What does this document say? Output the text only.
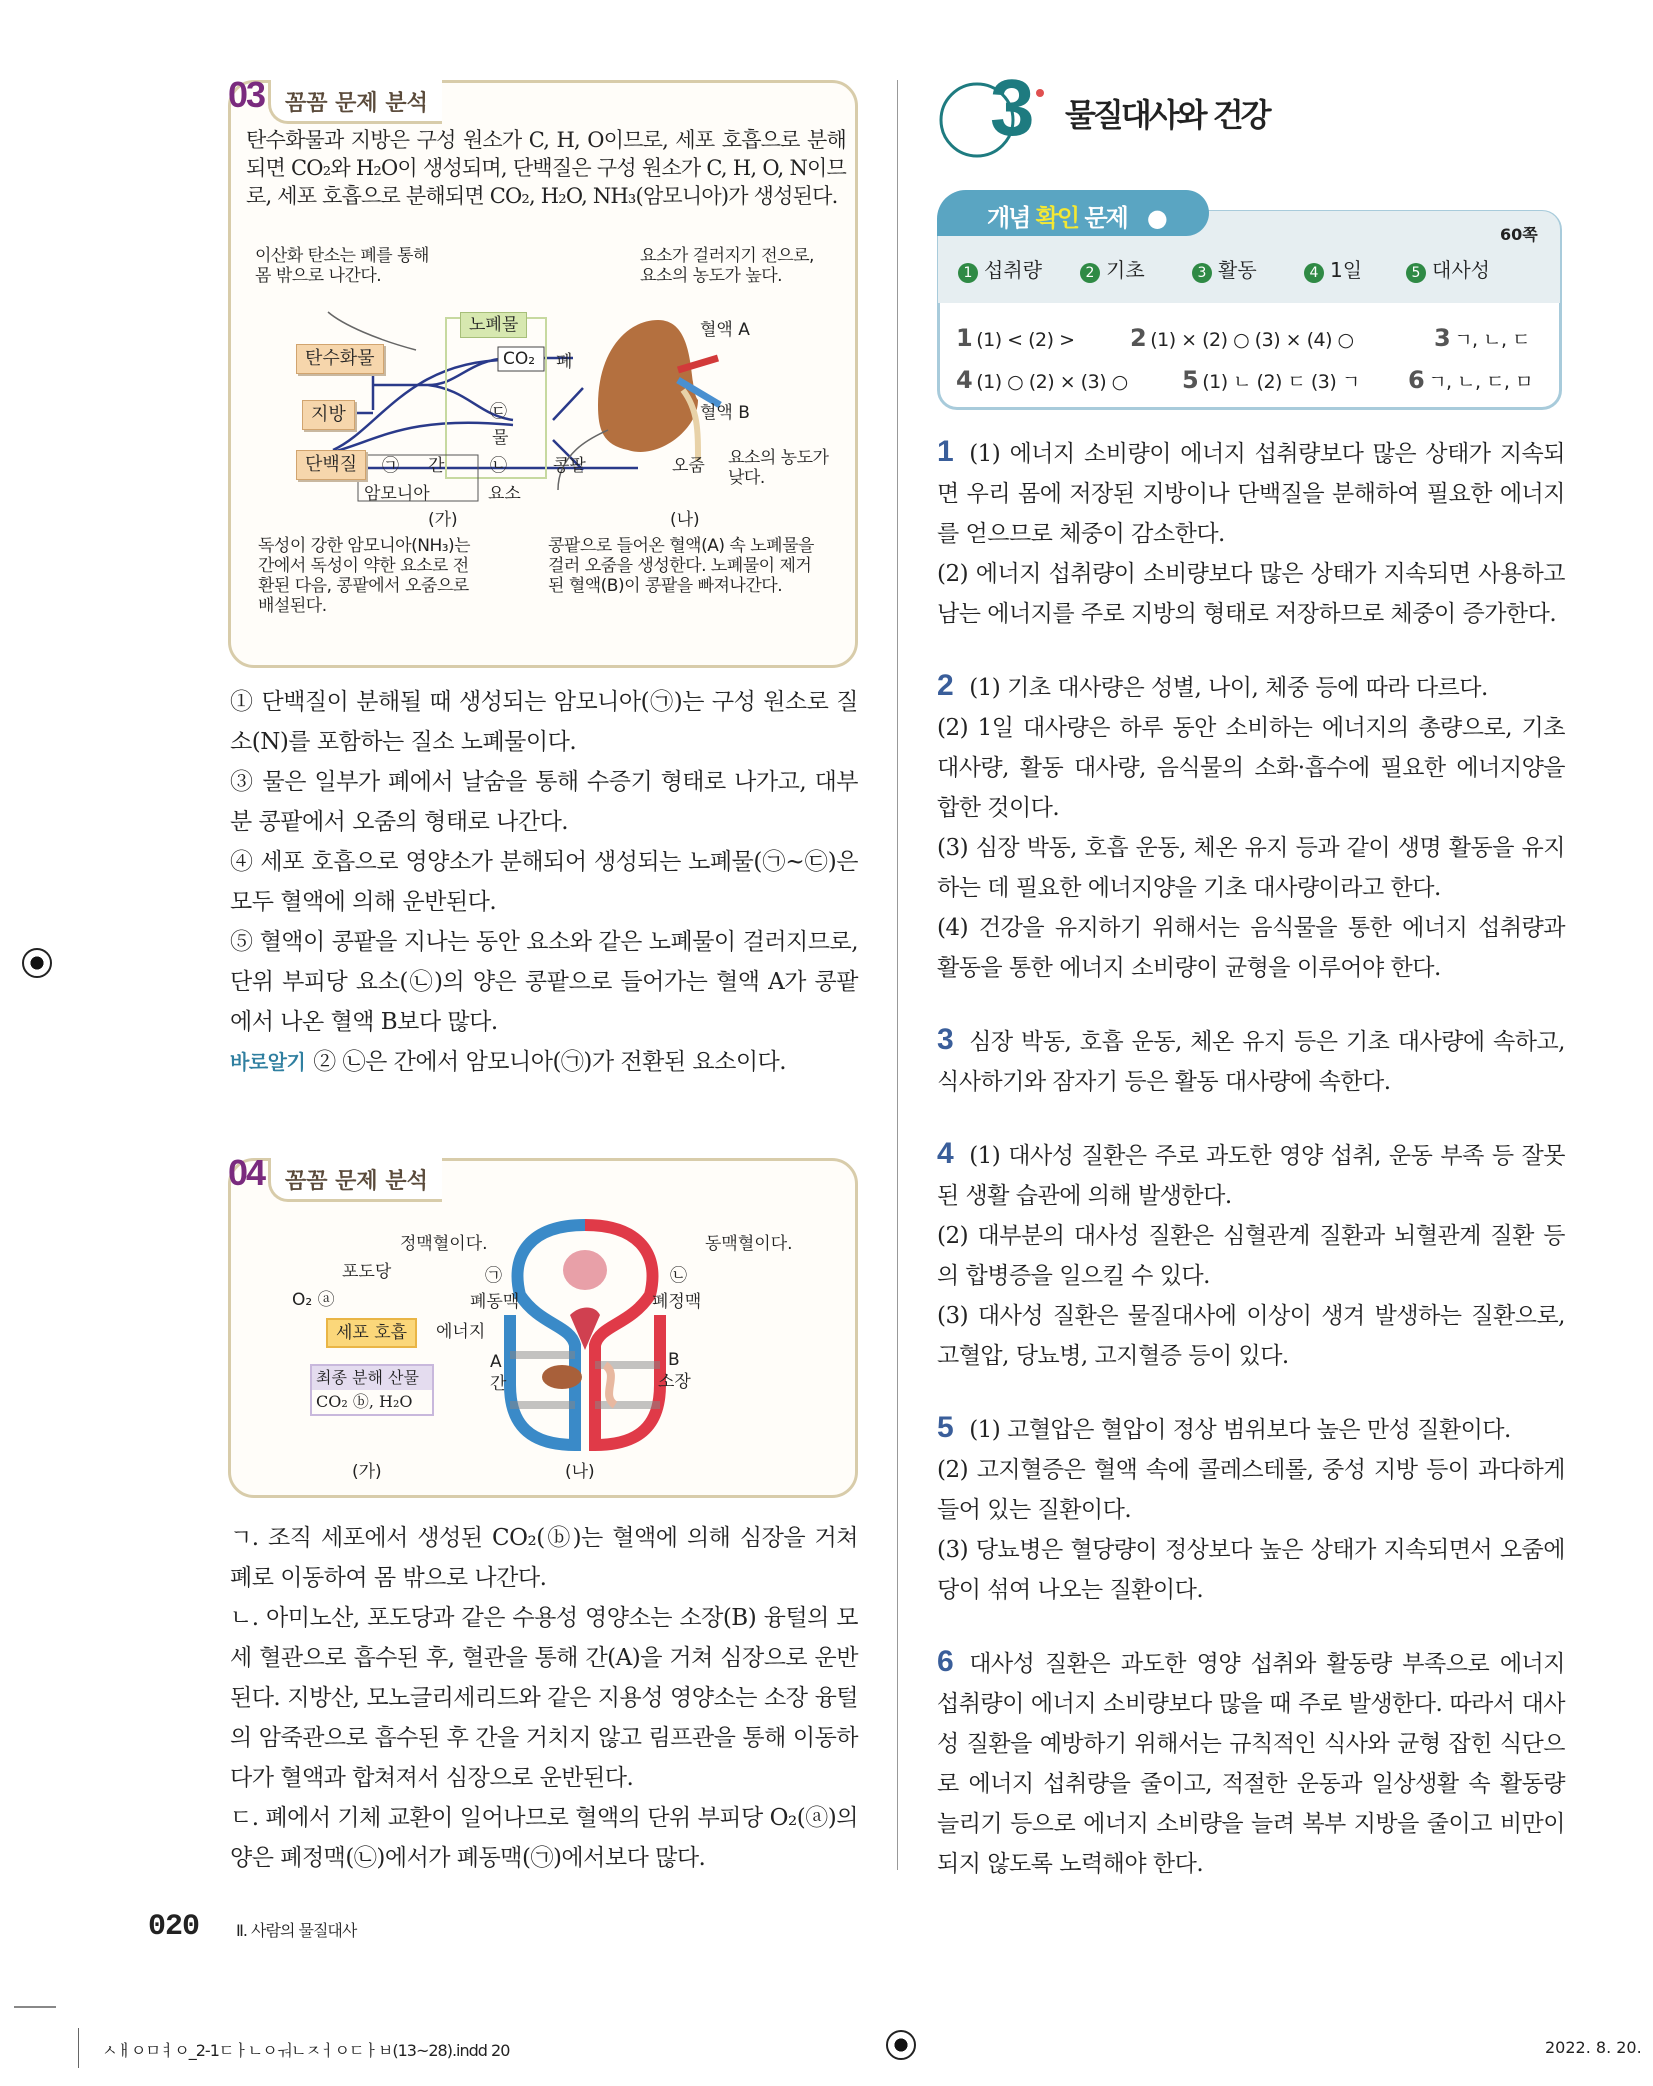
03 꼼꼼 문제 분석
탄수화물과 지방은 구성 원소가 C, H, O이므로, 세포 호흡으로 분해되면 CO₂와 H₂O이 생성되며, 단백질은 구성 원소가 C, H, O, N이므로, 세포 호흡으로 분해되면 CO₂, H₂O, NH₃(암모니아)가 생성된다.
이산화 탄소는 폐를 통해
몸 밖으로 나간다.
요소가 걸러지기 전으로,
요소의 농도가 높다.
노폐물
탄수화물
지방
단백질
CO₂ 폐
㉢
물
㉠ 간	㉡	콩팥
암모니아	요소
(가)
혈액 A
혈액 B
오줌 요소의 농도가
낮다.
(나)
독성이 강한 암모니아(NH₃)는
간에서 독성이 약한 요소로 전
환된 다음, 콩팥에서 오줌으로
배설된다.
콩팥으로 들어온 혈액(A) 속 노폐물을
걸러 오줌을 생성한다. 노폐물이 제거
된 혈액(B)이 콩팥을 빠져나간다.
① 단백질이 분해될 때 생성되는 암모니아(㉠)는 구성 원소로 질소(N)를 포함하는 질소 노폐물이다.
③ 물은 일부가 폐에서 날숨을 통해 수증기 형태로 나가고, 대부분 콩팥에서 오줌의 형태로 나간다.
④ 세포 호흡으로 영양소가 분해되어 생성되는 노폐물(㉠~㉢)은 모두 혈액에 의해 운반된다.
⑤ 혈액이 콩팥을 지나는 동안 요소와 같은 노폐물이 걸러지므로, 단위 부피당 요소(㉡)의 양은 콩팥으로 들어가는 혈액 A가 콩팥에서 나온 혈액 B보다 많다.
바로알기 ② ㉡은 간에서 암모니아(㉠)가 전환된 요소이다.
04 꼼꼼 문제 분석
포도당
O₂ ⓐ
세포 호흡	에너지
최종 분해 산물
CO₂ ⓑ, H₂O
(가)
정맥혈이다.	동맥혈이다.
㉠
폐동맥
㉡
폐정맥
A
간
B
소장
(나)
ㄱ. 조직 세포에서 생성된 CO₂(ⓑ)는 혈액에 의해 심장을 거쳐 폐로 이동하여 몸 밖으로 나간다.
ㄴ. 아미노산, 포도당과 같은 수용성 영양소는 소장(B) 융털의 모세 혈관으로 흡수된 후, 혈관을 통해 간(A)을 거쳐 심장으로 운반된다. 지방산, 모노글리세리드와 같은 지용성 영양소는 소장 융털의 암죽관으로 흡수된 후 간을 거치지 않고 림프관을 통해 이동하다가 혈액과 합쳐져서 심장으로 운반된다.
ㄷ. 폐에서 기체 교환이 일어나므로 혈액의 단위 부피당 O₂(ⓐ)의 양은 폐정맥(㉡)에서가 폐동맥(㉠)에서보다 많다.
3 물질대사와 건강
개념 확인 문제 ●
60쪽
1 섭취량	2 기초	3 활동	4 1일	5 대사성
1 (1) < (2) >	2 (1) × (2) ○ (3) × (4) ○	3 ㄱ, ㄴ, ㄷ
4 (1) ○ (2) × (3) ○	5 (1) ㄴ (2) ㄷ (3) ㄱ	6 ㄱ, ㄴ, ㄷ, ㅁ
1 (1) 에너지 소비량이 에너지 섭취량보다 많은 상태가 지속되면 우리 몸에 저장된 지방이나 단백질을 분해하여 필요한 에너지를 얻으므로 체중이 감소한다.
(2) 에너지 섭취량이 소비량보다 많은 상태가 지속되면 사용하고 남는 에너지를 주로 지방의 형태로 저장하므로 체중이 증가한다.
2 (1) 기초 대사량은 성별, 나이, 체중 등에 따라 다르다.
(2) 1일 대사량은 하루 동안 소비하는 에너지의 총량으로, 기초 대사량, 활동 대사량, 음식물의 소화·흡수에 필요한 에너지양을 합한 것이다.
(3) 심장 박동, 호흡 운동, 체온 유지 등과 같이 생명 활동을 유지하는 데 필요한 에너지양을 기초 대사량이라고 한다.
(4) 건강을 유지하기 위해서는 음식물을 통한 에너지 섭취량과 활동을 통한 에너지 소비량이 균형을 이루어야 한다.
3 심장 박동, 호흡 운동, 체온 유지 등은 기초 대사량에 속하고, 식사하기와 잠자기 등은 활동 대사량에 속한다.
4 (1) 대사성 질환은 주로 과도한 영양 섭취, 운동 부족 등 잘못된 생활 습관에 의해 발생한다.
(2) 대부분의 대사성 질환은 심혈관계 질환과 뇌혈관계 질환 등의 합병증을 일으킬 수 있다.
(3) 대사성 질환은 물질대사에 이상이 생겨 발생하는 질환으로, 고혈압, 당뇨병, 고지혈증 등이 있다.
5 (1) 고혈압은 혈압이 정상 범위보다 높은 만성 질환이다.
(2) 고지혈증은 혈액 속에 콜레스테롤, 중성 지방 등이 과다하게 들어 있는 질환이다.
(3) 당뇨병은 혈당량이 정상보다 높은 상태가 지속되면서 오줌에 당이 섞여 나오는 질환이다.
6 대사성 질환은 과도한 영양 섭취와 활동량 부족으로 에너지 섭취량이 에너지 소비량보다 많을 때 주로 발생한다. 따라서 대사성 질환을 예방하기 위해서는 규칙적인 식사와 균형 잡힌 식단으로 에너지 섭취량을 줄이고, 적절한 운동과 일상생활 속 활동량 늘리기 등으로 에너지 소비량을 늘려 복부 지방을 줄이고 비만이 되지 않도록 노력해야 한다.
020 Ⅱ. 사람의 물질대사
ㅅㅐㅇㅁㅕㅇ_2-1ㄷㅏㄴㅇㅝㄴㅈㅓㅇㄷㅏㅂ(13~28).indd 20	2022. 8. 20.
